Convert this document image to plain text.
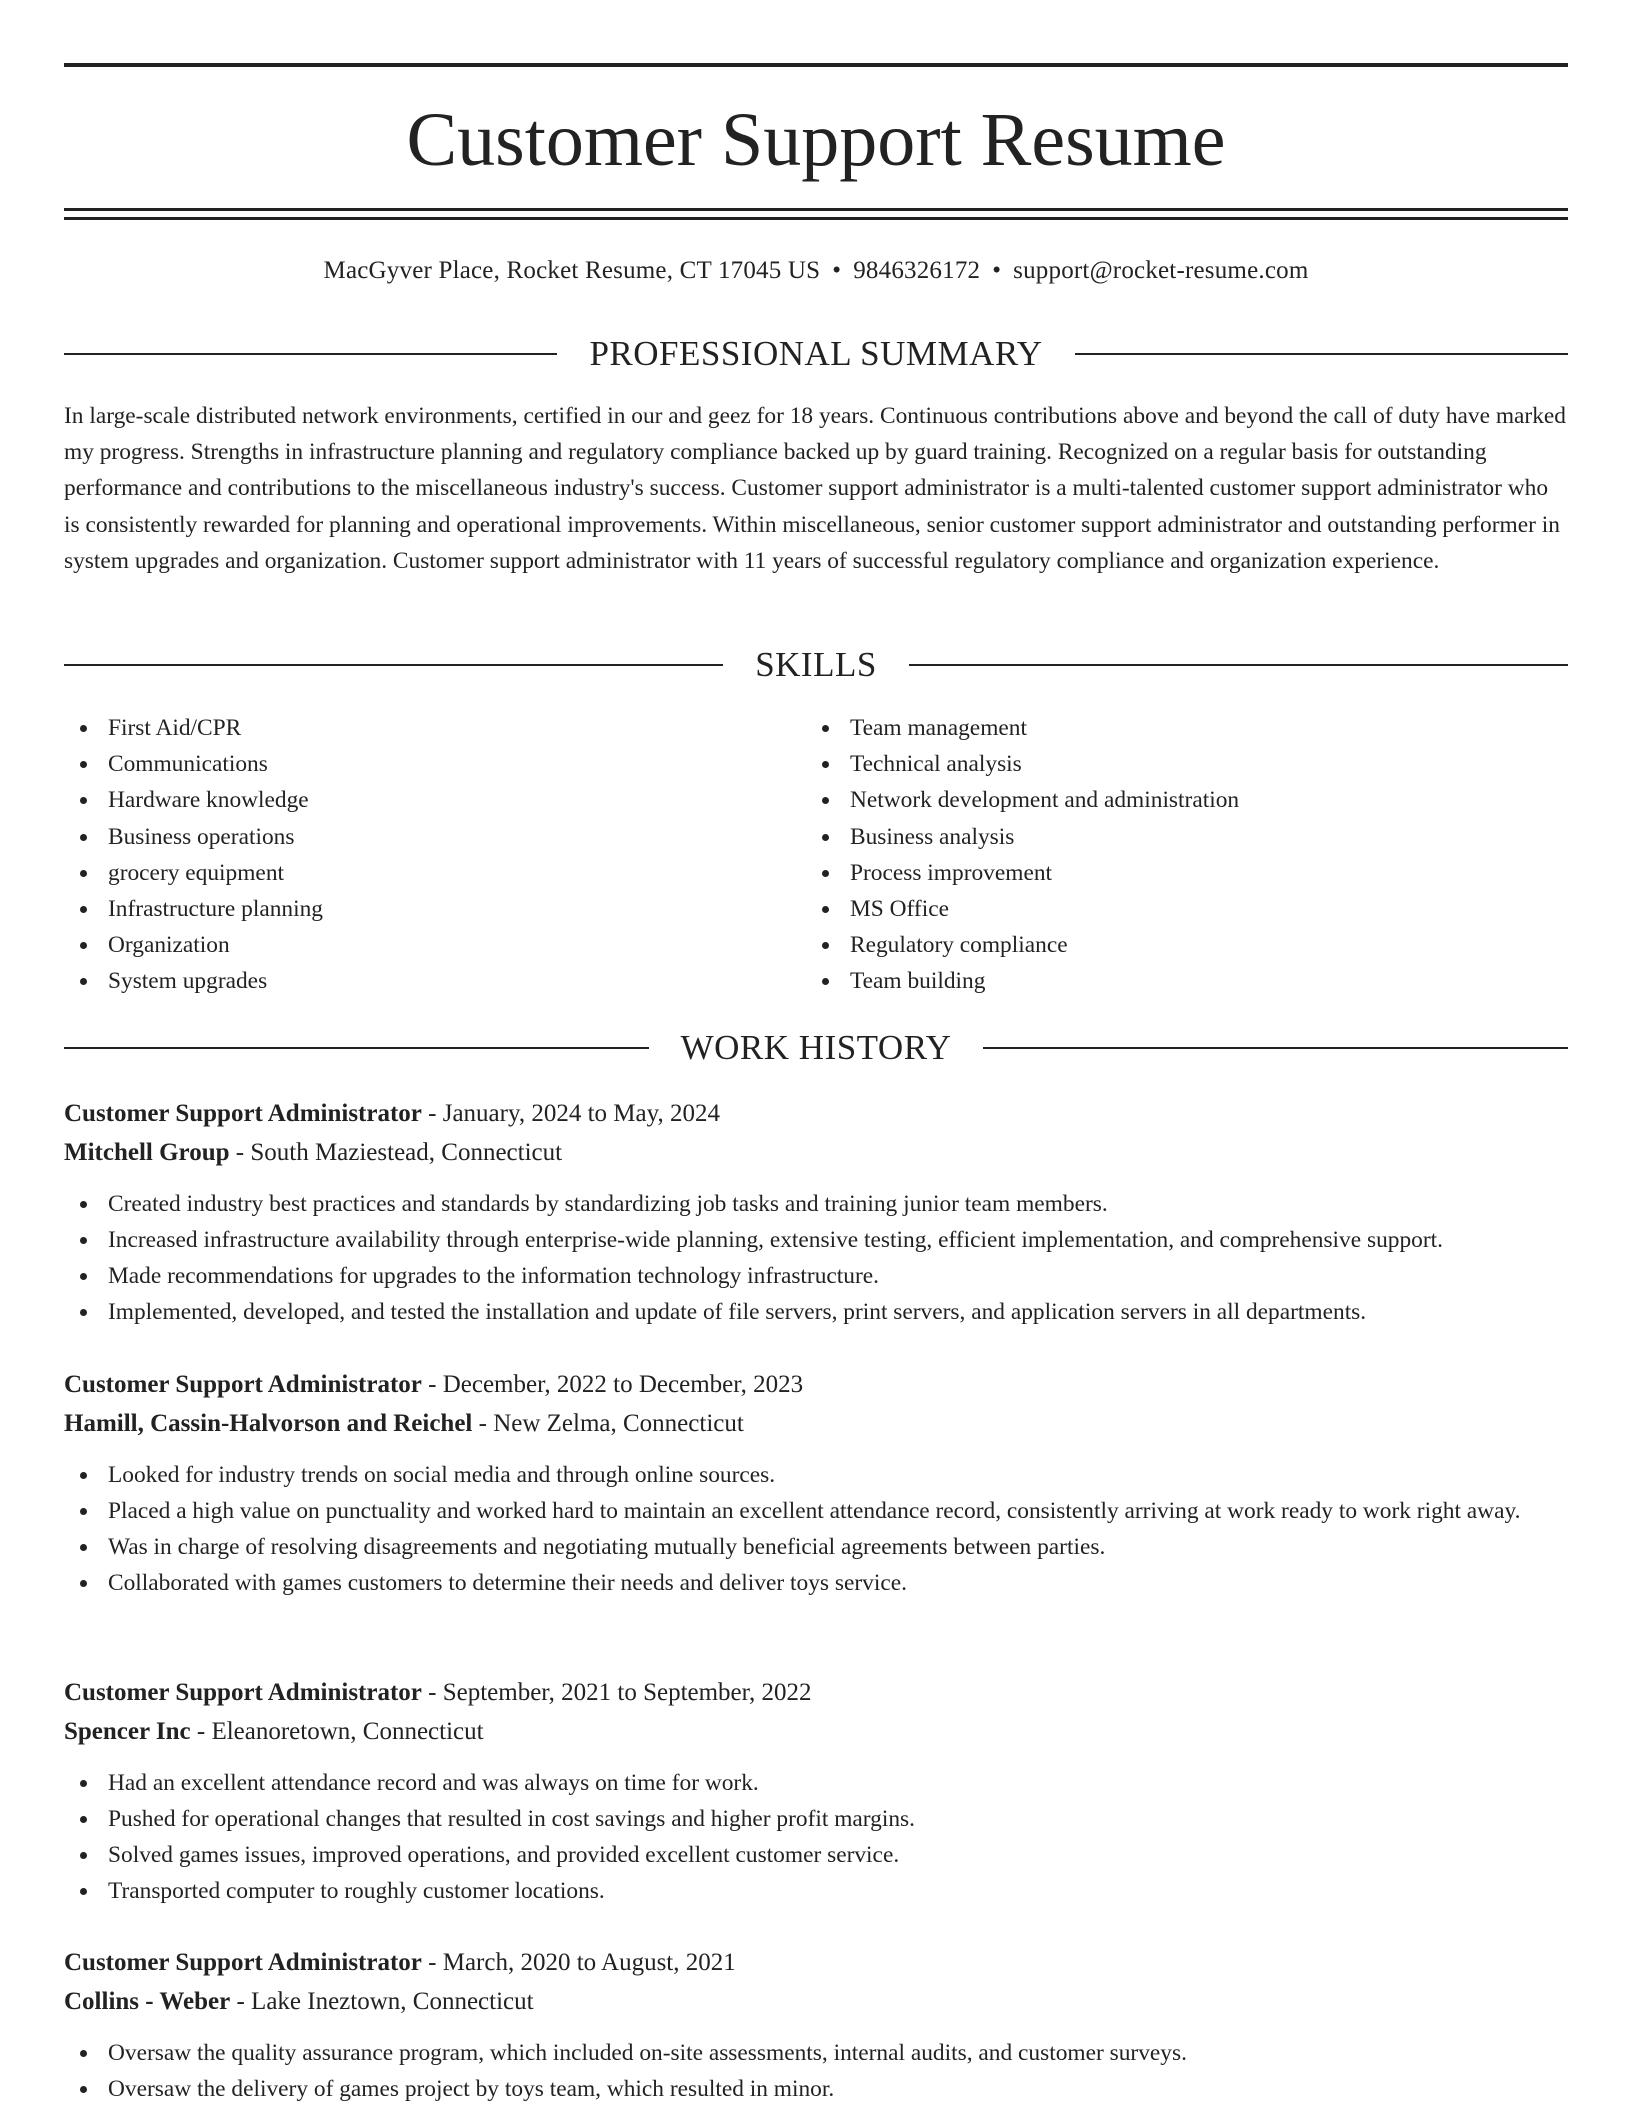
Customer Support Resume
MacGyver Place, Rocket Resume, CT 17045 US • 9846326172 • support@rocket-resume.com
PROFESSIONAL SUMMARY

In large-scale distributed network environments, certified in our and geez for 18 years. Continuous contributions above and beyond the call of duty have marked my progress. Strengths in infrastructure planning and regulatory compliance backed up by guard training. Recognized on a regular basis for outstanding performance and contributions to the miscellaneous industry's success. Customer support administrator is a multi-talented customer support administrator who is consistently rewarded for planning and operational improvements. Within miscellaneous, senior customer support administrator and outstanding performer in system upgrades and organization. Customer support administrator with 11 years of successful regulatory compliance and organization experience.

SKILLS
First Aid/CPR
Communications
Hardware knowledge
Business operations
grocery equipment
Infrastructure planning
Organization
System upgrades
Team management
Technical analysis
Network development and administration
Business analysis
Process improvement
MS Office
Regulatory compliance
Team building
WORK HISTORY
Customer Support Administrator - January, 2024 to May, 2024
Mitchell Group - South Maziestead, Connecticut
Created industry best practices and standards by standardizing job tasks and training junior team members.
Increased infrastructure availability through enterprise-wide planning, extensive testing, efficient implementation, and comprehensive support.
Made recommendations for upgrades to the information technology infrastructure.
Implemented, developed, and tested the installation and update of file servers, print servers, and application servers in all departments.
Customer Support Administrator - December, 2022 to December, 2023
Hamill, Cassin-Halvorson and Reichel - New Zelma, Connecticut
Looked for industry trends on social media and through online sources.
Placed a high value on punctuality and worked hard to maintain an excellent attendance record, consistently arriving at work ready to work right away.
Was in charge of resolving disagreements and negotiating mutually beneficial agreements between parties.
Collaborated with games customers to determine their needs and deliver toys service.
Customer Support Administrator - September, 2021 to September, 2022
Spencer Inc - Eleanoretown, Connecticut
Had an excellent attendance record and was always on time for work.
Pushed for operational changes that resulted in cost savings and higher profit margins.
Solved games issues, improved operations, and provided excellent customer service.
Transported computer to roughly customer locations.
Customer Support Administrator - March, 2020 to August, 2021
Collins - Weber - Lake Ineztown, Connecticut
Oversaw the quality assurance program, which included on-site assessments, internal audits, and customer surveys.
Oversaw the delivery of games project by toys team, which resulted in minor.
